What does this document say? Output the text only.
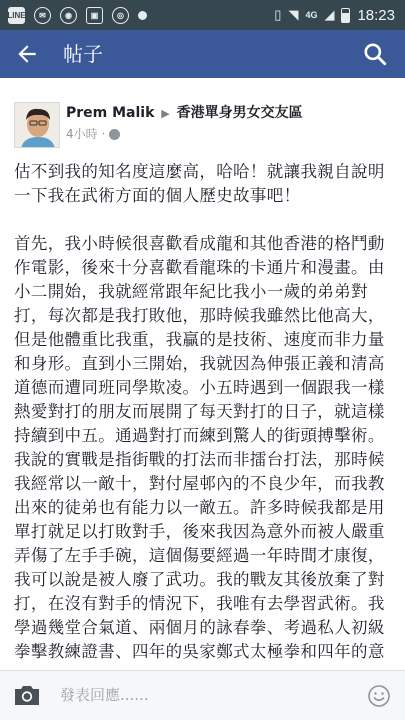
LINE	✉	◉	▣	◎	▯ ◥ 4G ◢ 18:23
帖子
Prem Malik ▶ 香港單身男女交友區
4小時 ·

估不到我的知名度這麼高，哈哈！就讓我親自說明一下我在武術方面的個人歷史故事吧！

首先，我小時候很喜歡看成龍和其他香港的格鬥動作電影，後來十分喜歡看龍珠的卡通片和漫畫。由小二開始，我就經常跟年紀比我小一歲的弟弟對打，每次都是我打敗他，那時候我雖然比他高大，但是他體重比我重，我贏的是技術、速度而非力量和身形。直到小三開始，我就因為伸張正義和清高道德而遭同班同學欺凌。小五時遇到一個跟我一樣熱愛對打的朋友而展開了每天對打的日子，就這樣持續到中五。通過對打而練到驚人的街頭搏擊術。我說的實戰是指街戰的打法而非擂台打法，那時候我經常以一敵十，對付屋邨內的不良少年，而我教出來的徒弟也有能力以一敵五。許多時候我都是用單打就足以打敗對手，後來我因為意外而被人嚴重弄傷了左手手碗，這個傷要經過一年時間才康復，我可以說是被人廢了武功。我的戰友其後放棄了對打，在沒有對手的情況下，我唯有去學習武術。我學過幾堂合氣道、兩個月的詠春拳、考過私人初級拳擊教練證書、四年的吳家鄭式太極拳和四年的意

發表回應......
